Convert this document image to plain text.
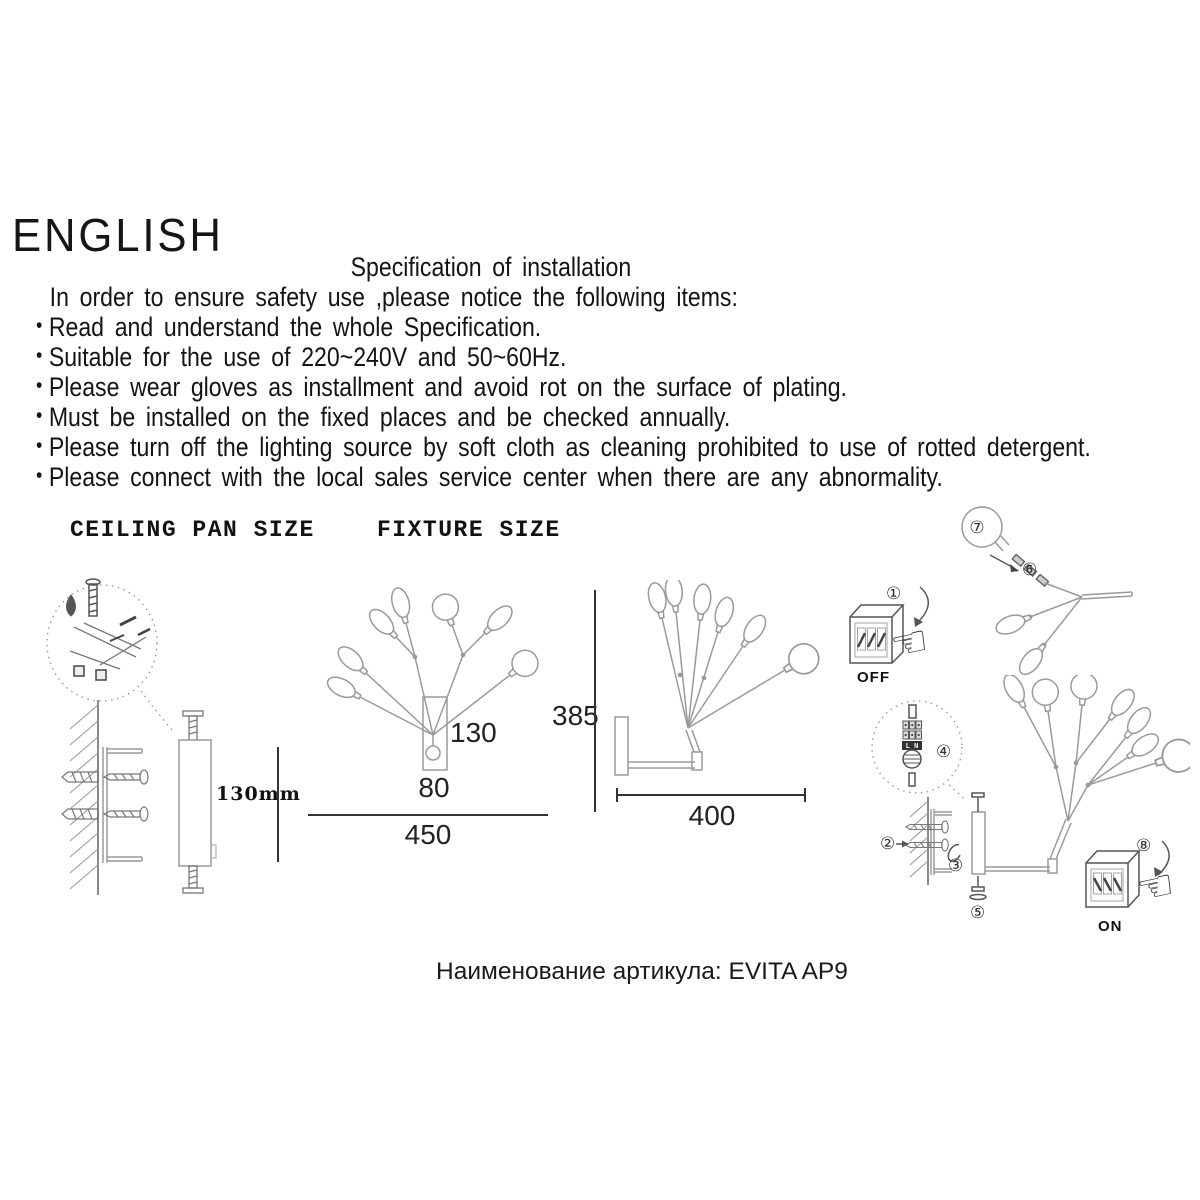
ENGLISH
Specification of installation
In order to ensure safety use ,please notice the following items:
• Read and understand the whole Specification.
• Suitable for the use of 220~240V and 50~60Hz.
• Please wear gloves as installment and avoid rot on the surface of plating.
• Must be installed on the fixed places and be checked annually.
• Please turn off the lighting source by soft cloth as cleaning prohibited to use of rotted detergent.
• Please connect with the local sales service center when there are any abnormality.
CEILING PAN SIZE	FIXTURE SIZE
130mm
130
80
450
385
400
⑦
⑥
①
☜
OFF
L N ④
②
③
⑤
⑧
☜
ON
Наименование артикула: EVITA AP9
